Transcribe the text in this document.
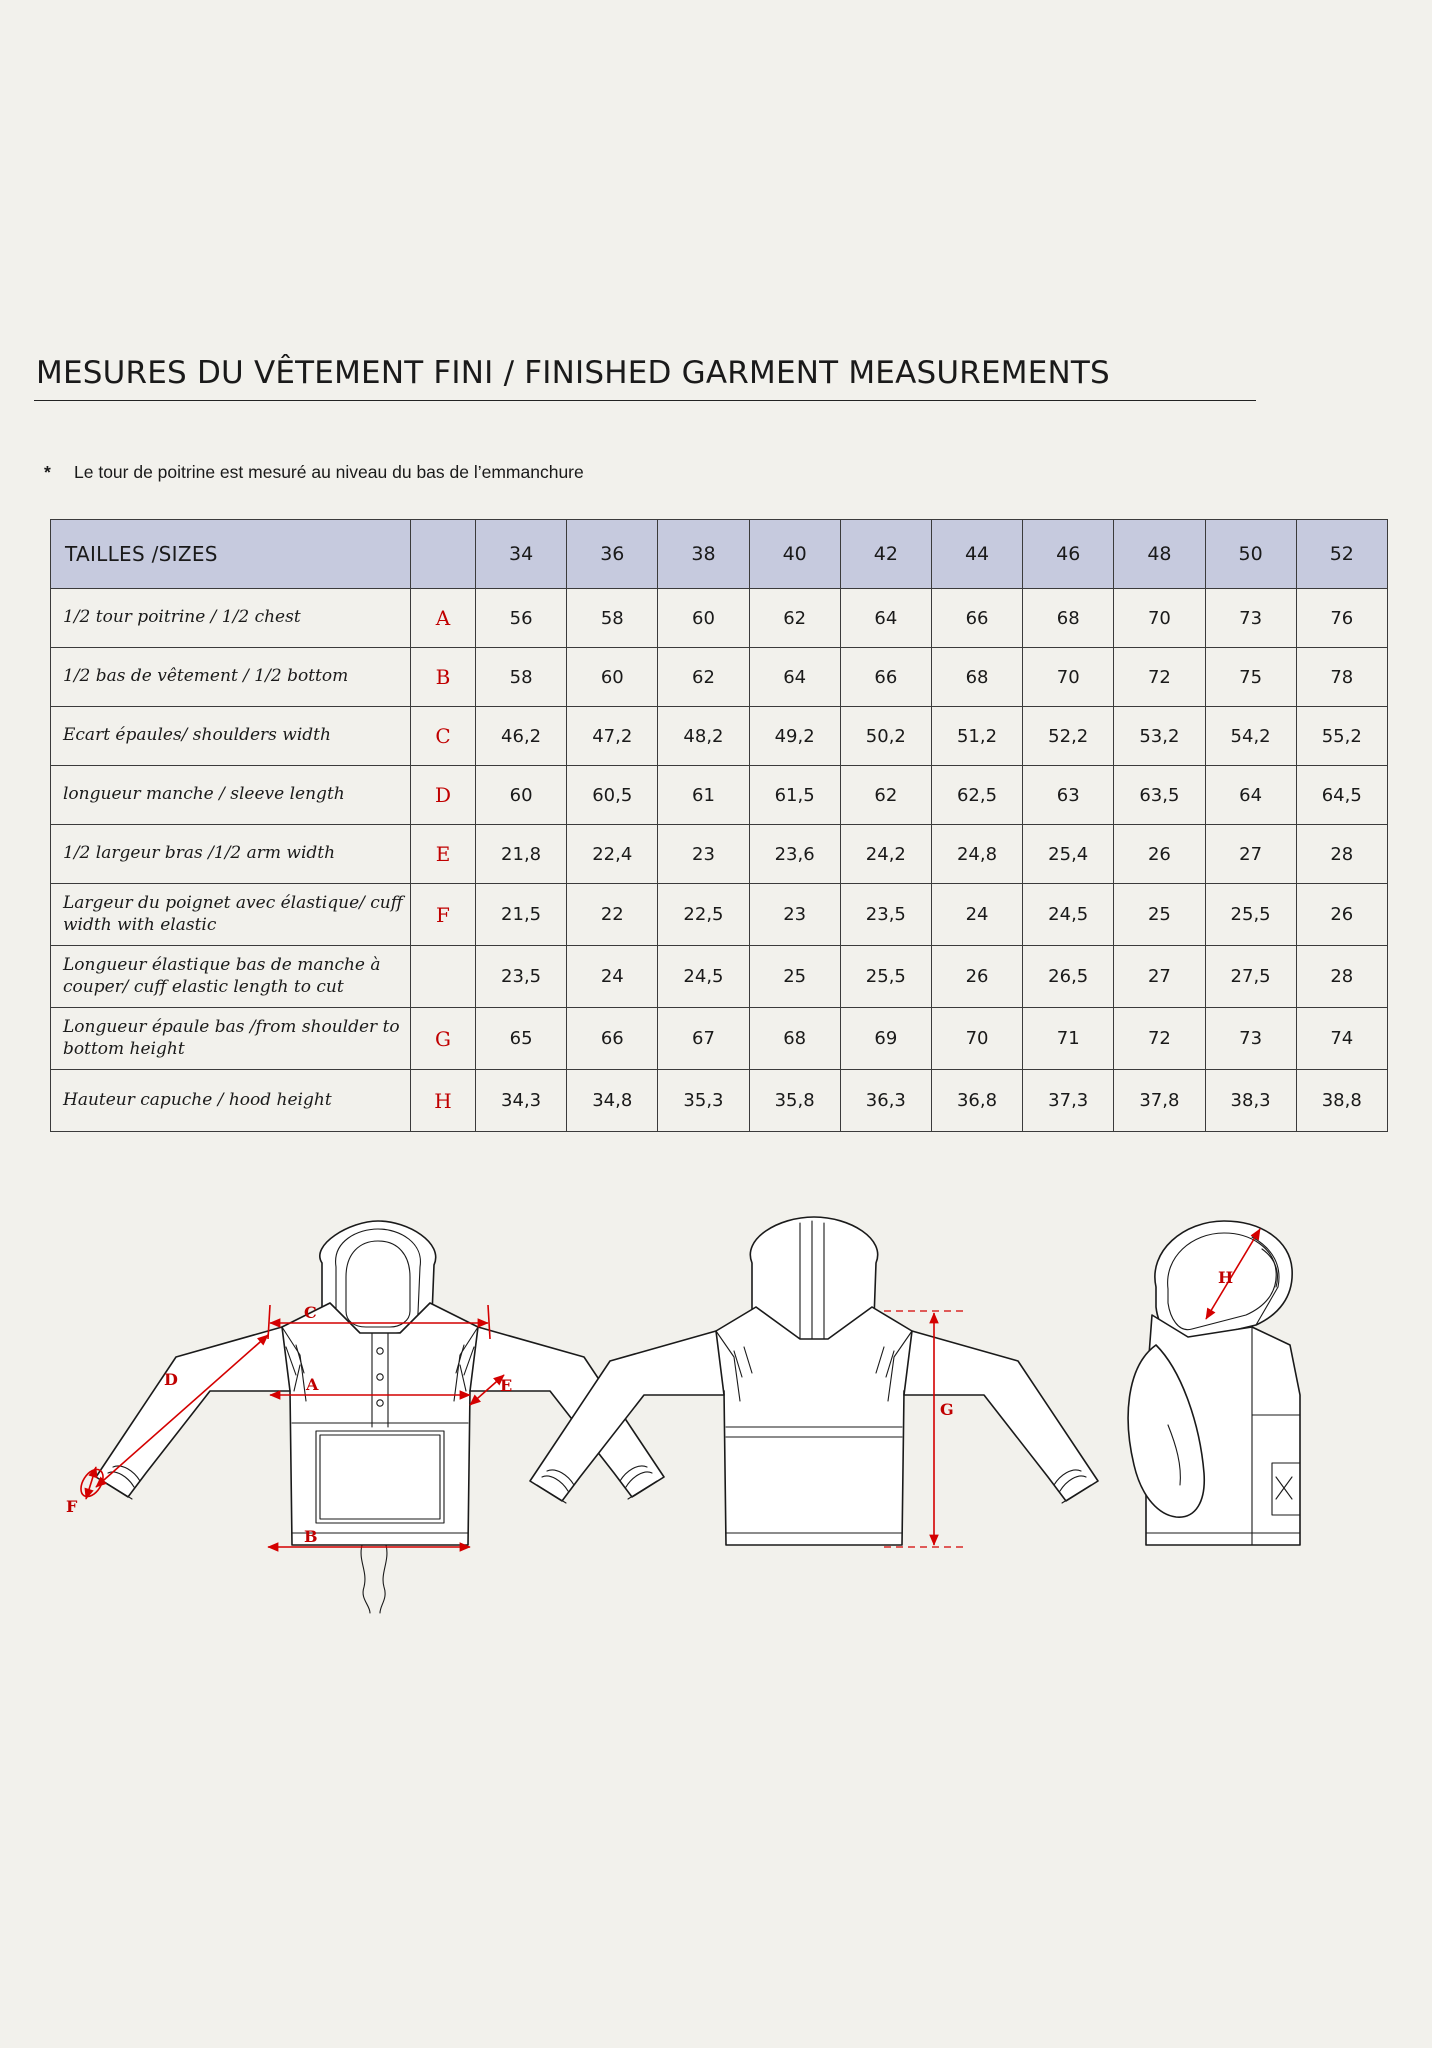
MESURES DU VÊTEMENT FINI / FINISHED GARMENT MEASUREMENTS
* Le tour de poitrine est mesuré au niveau du bas de l’emmanchure
TAILLES /SIZES		34	36	38	40	42	44	46	48	50	52
1/2 tour poitrine / 1/2 chest	A	56	58	60	62	64	66	68	70	73	76
1/2 bas de vêtement / 1/2 bottom	B	58	60	62	64	66	68	70	72	75	78
Ecart épaules/ shoulders width	C	46,2	47,2	48,2	49,2	50,2	51,2	52,2	53,2	54,2	55,2
longueur manche / sleeve length	D	60	60,5	61	61,5	62	62,5	63	63,5	64	64,5
1/2 largeur bras /1/2 arm width	E	21,8	22,4	23	23,6	24,2	24,8	25,4	26	27	28
Largeur du poignet avec élastique/ cuff width with elastic	F	21,5	22	22,5	23	23,5	24	24,5	25	25,5	26
Longueur élastique bas de manche à couper/ cuff elastic length to cut		23,5	24	24,5	25	25,5	26	26,5	27	27,5	28
Longueur épaule bas /from shoulder to bottom height	G	65	66	67	68	69	70	71	72	73	74
Hauteur capuche / hood height	H	34,3	34,8	35,3	35,8	36,3	36,8	37,3	37,8	38,3	38,8
C
A
D	E
F
B
G
H
